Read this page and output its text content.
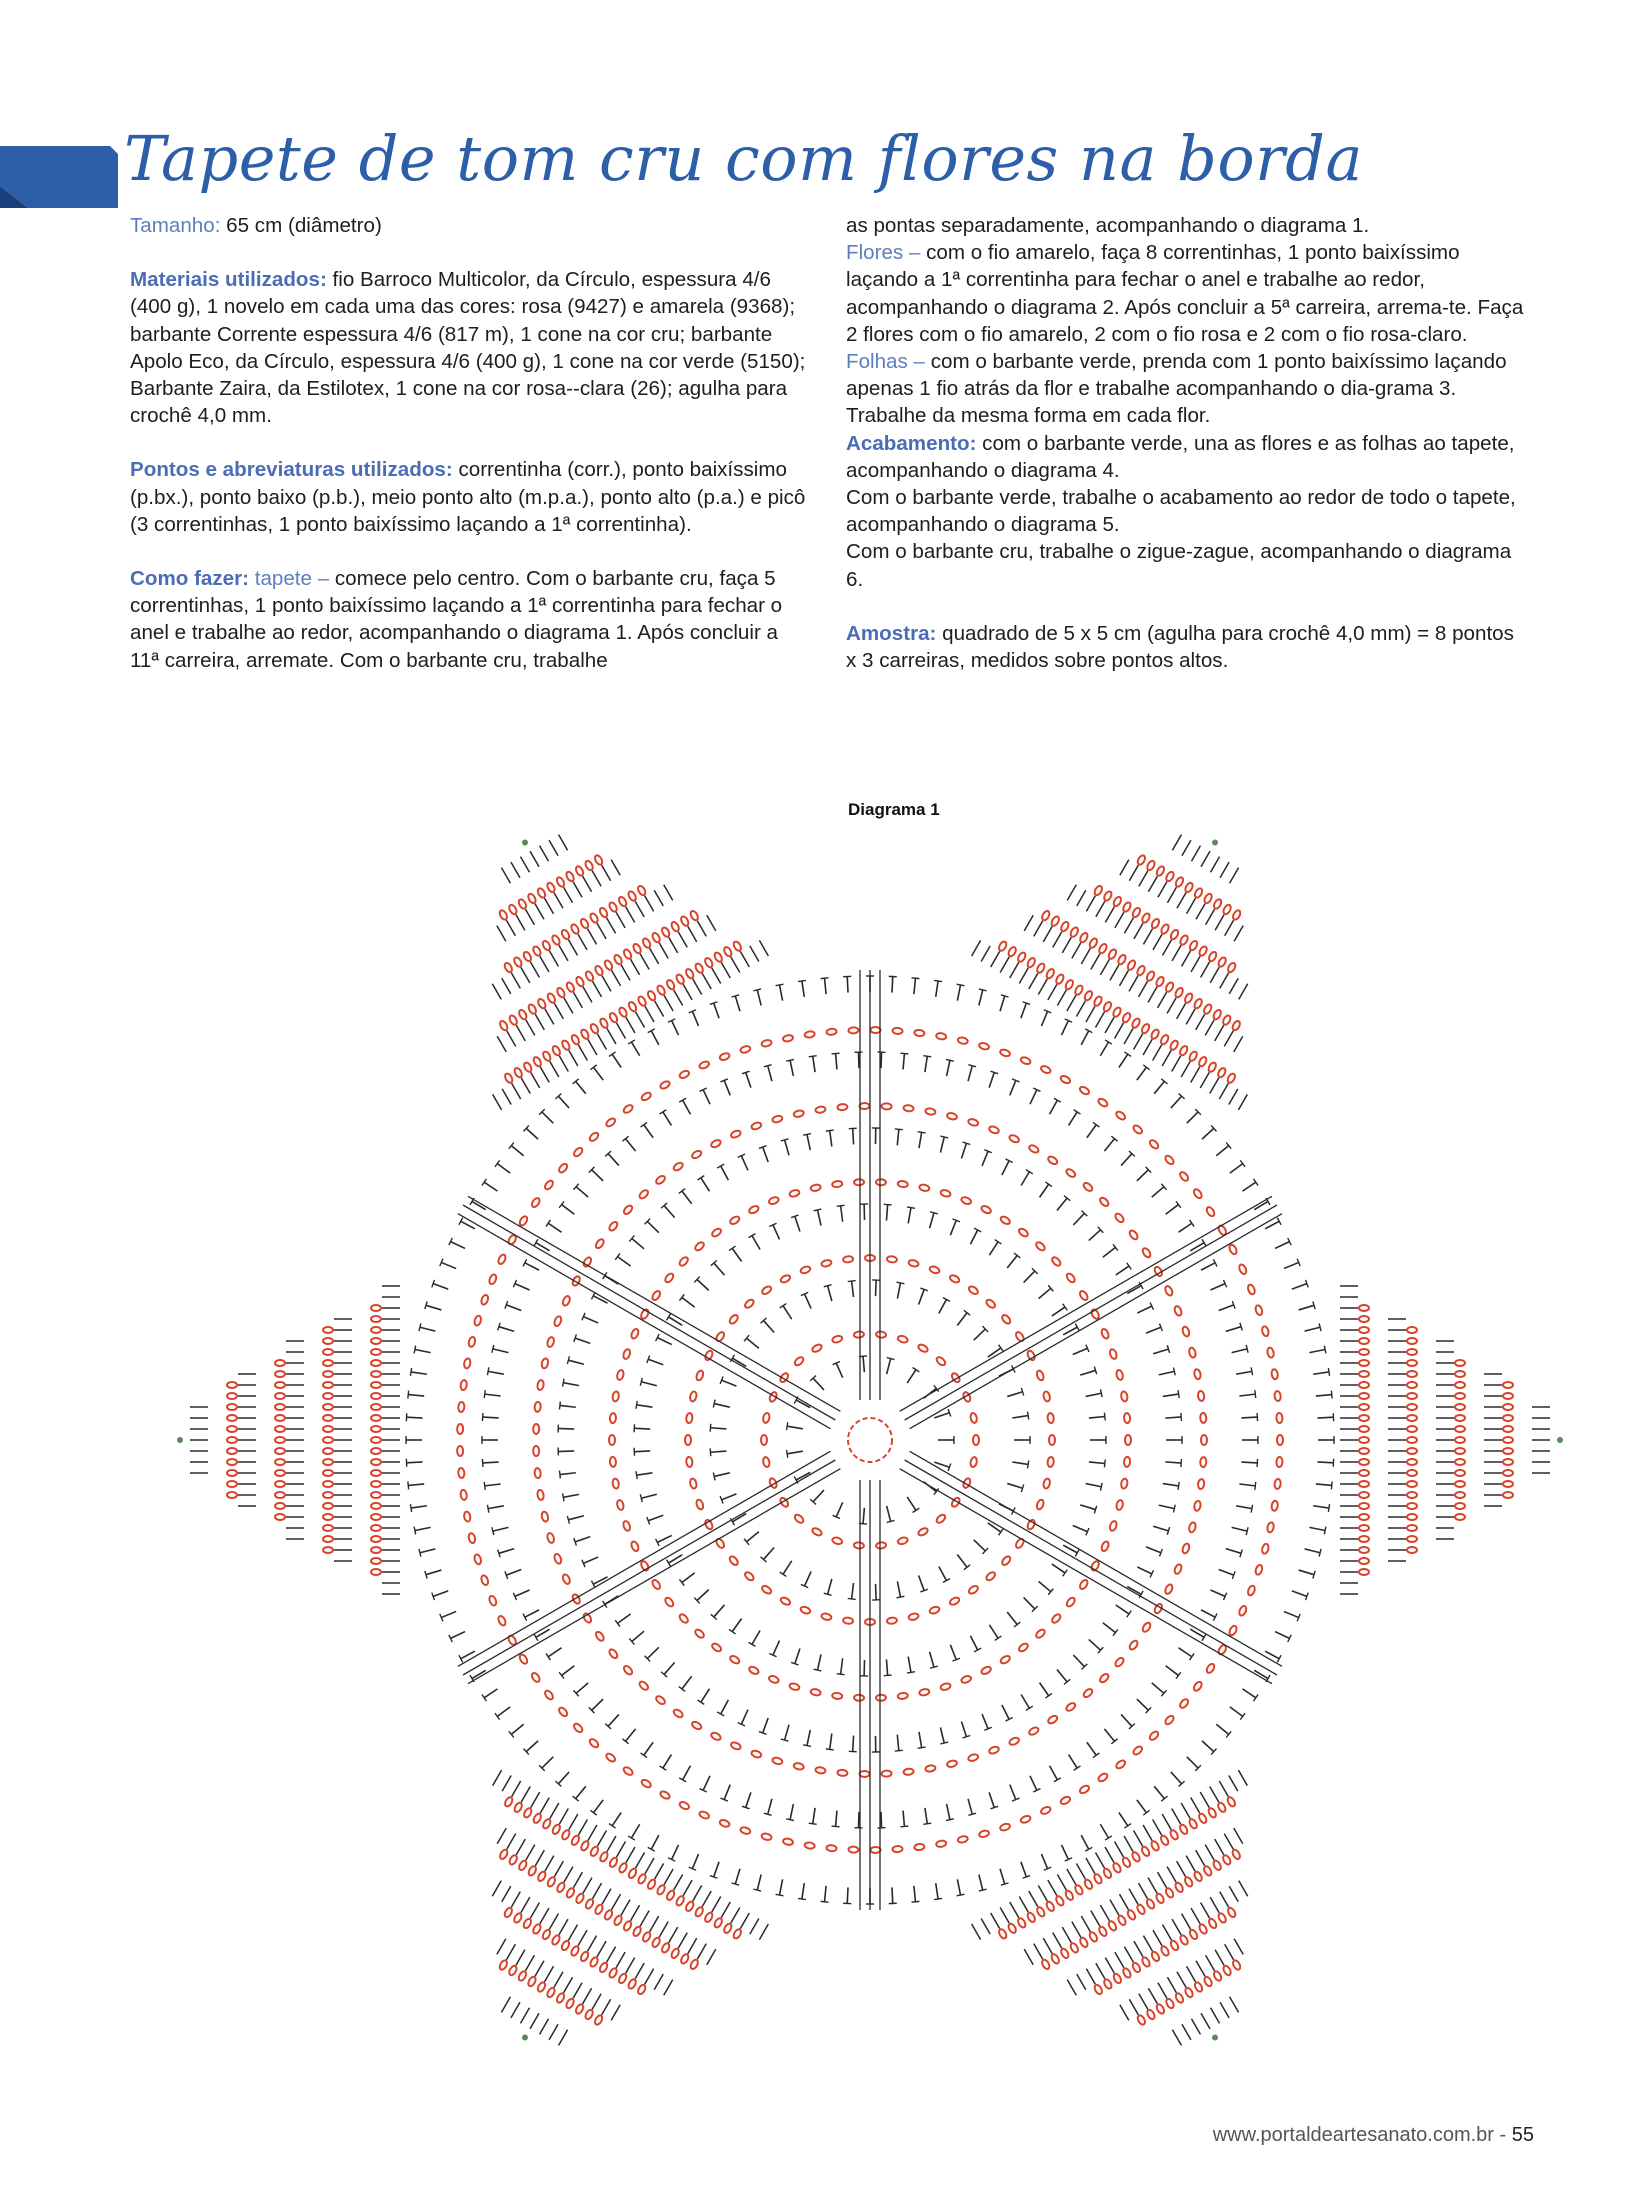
Tapete de tom cru com flores na borda

Tamanho: 65 cm (diâmetro)

Materiais utilizados: fio Barroco Multicolor, da Círculo, espessura 4/6 (400 g), 1 novelo em cada uma das cores: rosa (9427) e amarela (9368); barbante Corrente espessura 4/6 (817 m), 1 cone na cor cru; barbante Apolo Eco, da Círculo, espessura 4/6 (400 g), 1 cone na cor verde (5150); Barbante Zaira, da Estilotex, 1 cone na cor rosa-‑clara (26); agulha para crochê 4,0 mm.

Pontos e abreviaturas utilizados: correntinha (corr.), ponto baixíssimo (p.bx.), ponto baixo (p.b.), meio ponto alto (m.p.a.), ponto alto (p.a.) e picô (3 correntinhas, 1 ponto baixíssimo laçando a 1ª correntinha).

Como fazer: tapete – comece pelo centro. Com o barbante cru, faça 5 correntinhas, 1 ponto baixíssimo laçando a 1ª correntinha para fechar o anel e trabalhe ao redor, acompanhando o diagrama 1. Após concluir a 11ª carreira, arremate. Com o barbante cru, trabalhe

as pontas separadamente, acompanhando o diagrama 1.

Flores – com o fio amarelo, faça 8 correntinhas, 1 ponto baixíssimo laçando a 1ª correntinha para fechar o anel e trabalhe ao redor, acompanhando o diagrama 2. Após concluir a 5ª carreira, arrema-te. Faça 2 flores com o fio amarelo, 2 com o fio rosa e 2 com o fio rosa-claro.

Folhas – com o barbante verde, prenda com 1 ponto baixíssimo laçando apenas 1 fio atrás da flor e trabalhe acompanhando o dia-grama 3. Trabalhe da mesma forma em cada flor.

Acabamento: com o barbante verde, una as flores e as folhas ao tapete, acompanhando o diagrama 4.

Com o barbante verde, trabalhe o acabamento ao redor de todo o tapete, acompanhando o diagrama 5.

Com o barbante cru, trabalhe o zigue-zague, acompanhando o diagrama 6.

Amostra: quadrado de 5 x 5 cm (agulha para crochê 4,0 mm) = 8 pontos x 3 carreiras, medidos sobre pontos altos.

Diagrama 1
www.portaldeartesanato.com.br - 55
